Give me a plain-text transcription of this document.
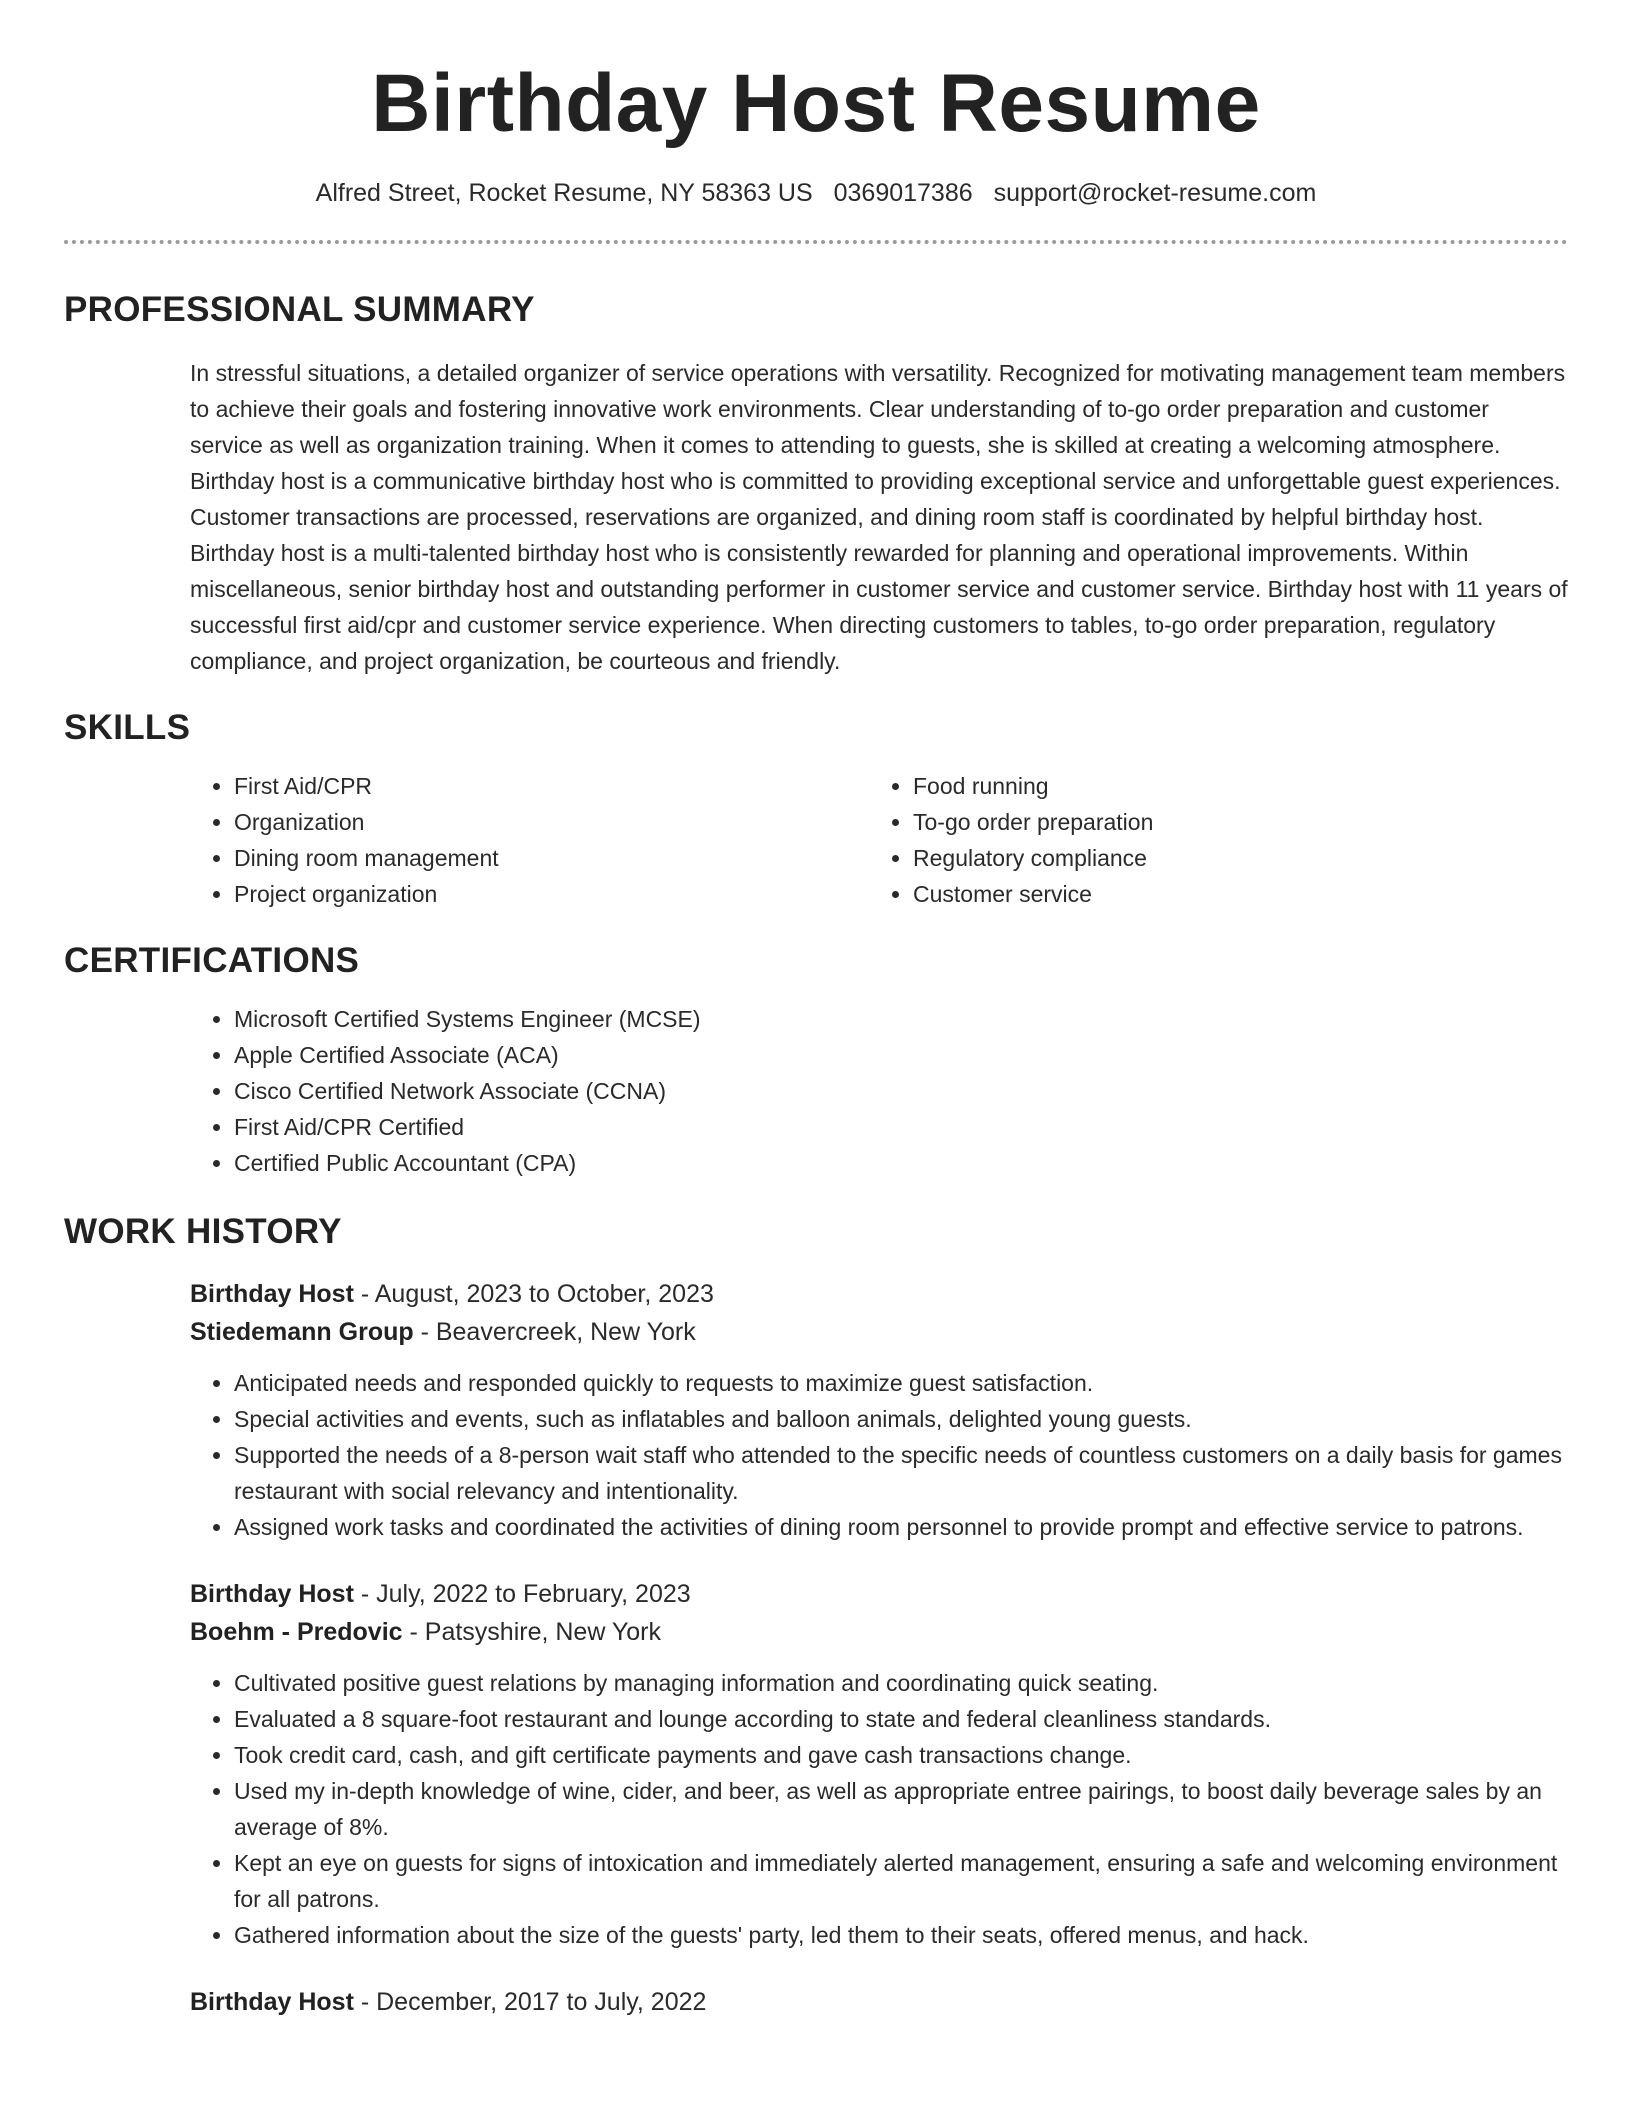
Birthday Host Resume
Alfred Street, Rocket Resume, NY 58363 US 0369017386 support@rocket-resume.com
PROFESSIONAL SUMMARY

In stressful situations, a detailed organizer of service operations with versatility. Recognized for motivating management team members to achieve their goals and fostering innovative work environments. Clear understanding of to-go order preparation and customer service as well as organization training. When it comes to attending to guests, she is skilled at creating a welcoming atmosphere. Birthday host is a communicative birthday host who is committed to providing exceptional service and unforgettable guest experiences. Customer transactions are processed, reservations are organized, and dining room staff is coordinated by helpful birthday host. Birthday host is a multi-talented birthday host who is consistently rewarded for planning and operational improvements. Within miscellaneous, senior birthday host and outstanding performer in customer service and customer service. Birthday host with 11 years of successful first aid/cpr and customer service experience. When directing customers to tables, to-go order preparation, regulatory compliance, and project organization, be courteous and friendly.

SKILLS
• First Aid/CPR
• Organization
• Dining room management
• Project organization
• Food running
• To-go order preparation
• Regulatory compliance
• Customer service
CERTIFICATIONS
• Microsoft Certified Systems Engineer (MCSE)
• Apple Certified Associate (ACA)
• Cisco Certified Network Associate (CCNA)
• First Aid/CPR Certified
• Certified Public Accountant (CPA)
WORK HISTORY
Birthday Host - August, 2023 to October, 2023
Stiedemann Group - Beavercreek, New York
• Anticipated needs and responded quickly to requests to maximize guest satisfaction.
• Special activities and events, such as inflatables and balloon animals, delighted young guests.
• Supported the needs of a 8-person wait staff who attended to the specific needs of countless customers on a daily basis for games restaurant with social relevancy and intentionality.
• Assigned work tasks and coordinated the activities of dining room personnel to provide prompt and effective service to patrons.
Birthday Host - July, 2022 to February, 2023
Boehm - Predovic - Patsyshire, New York
• Cultivated positive guest relations by managing information and coordinating quick seating.
• Evaluated a 8 square-foot restaurant and lounge according to state and federal cleanliness standards.
• Took credit card, cash, and gift certificate payments and gave cash transactions change.
• Used my in-depth knowledge of wine, cider, and beer, as well as appropriate entree pairings, to boost daily beverage sales by an average of 8%.
• Kept an eye on guests for signs of intoxication and immediately alerted management, ensuring a safe and welcoming environment for all patrons.
• Gathered information about the size of the guests' party, led them to their seats, offered menus, and hack.
Birthday Host - December, 2017 to July, 2022
